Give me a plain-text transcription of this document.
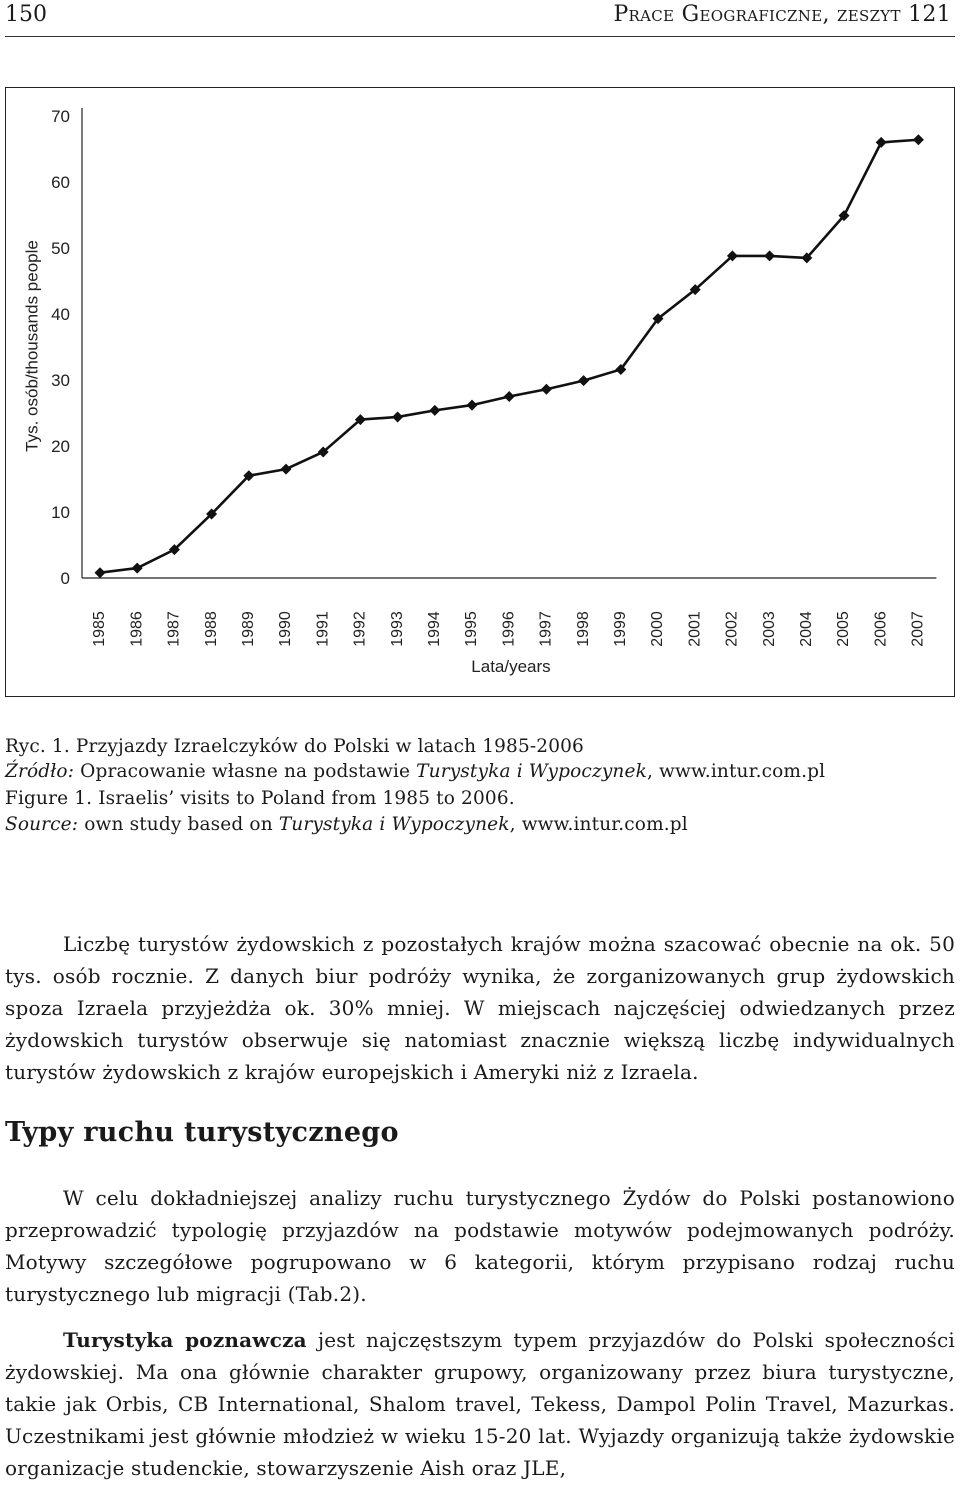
150	Prace Geograficzne, zeszyt 121
Tys. osób/thousands people
Lata/years
0
10
20
30
40
50
60
70
1985 1986 1987 1988 1989 1990 1991 1992 1993 1994 1995 1996 1997 1998 1999 2000 2001 2002 2003 2004 2005 2006 2007
Ryc. 1. Przyjazdy Izraelczyków do Polski w latach 1985-2006
Źródło: Opracowanie własne na podstawie Turystyka i Wypoczynek, www.intur.com.pl
Figure 1. Israelis’ visits to Poland from 1985 to 2006.
Source: own study based on Turystyka i Wypoczynek, www.intur.com.pl

Liczbę turystów żydowskich z pozostałych krajów można szacować obecnie na ok. 50 tys. osób rocznie. Z danych biur podróży wynika, że zorganizowanych grup żydowskich spoza Izraela przyjeżdża ok. 30% mniej. W miejscach najczęściej odwiedzanych przez żydowskich turystów obserwuje się natomiast znacznie większą liczbę indywidualnych turystów żydowskich z krajów europejskich i Ameryki niż z Izraela.

Typy ruchu turystycznego

W celu dokładniejszej analizy ruchu turystycznego Żydów do Polski postanowiono przeprowadzić typologię przyjazdów na podstawie motywów podejmowanych podróży. Motywy szczegółowe pogrupowano w 6 kategorii, którym przypisano rodzaj ruchu turystycznego lub migracji (Tab.2).

Turystyka poznawcza jest najczęstszym typem przyjazdów do Polski społeczności żydowskiej. Ma ona głównie charakter grupowy, organizowany przez biura turystyczne, takie jak Orbis, CB International, Shalom travel, Tekess, Dampol Polin Travel, Mazurkas. Uczestnikami jest głównie młodzież w wieku 15-20 lat. Wyjazdy organizują także żydowskie organizacje studenckie, stowarzyszenie Aish oraz JLE,
